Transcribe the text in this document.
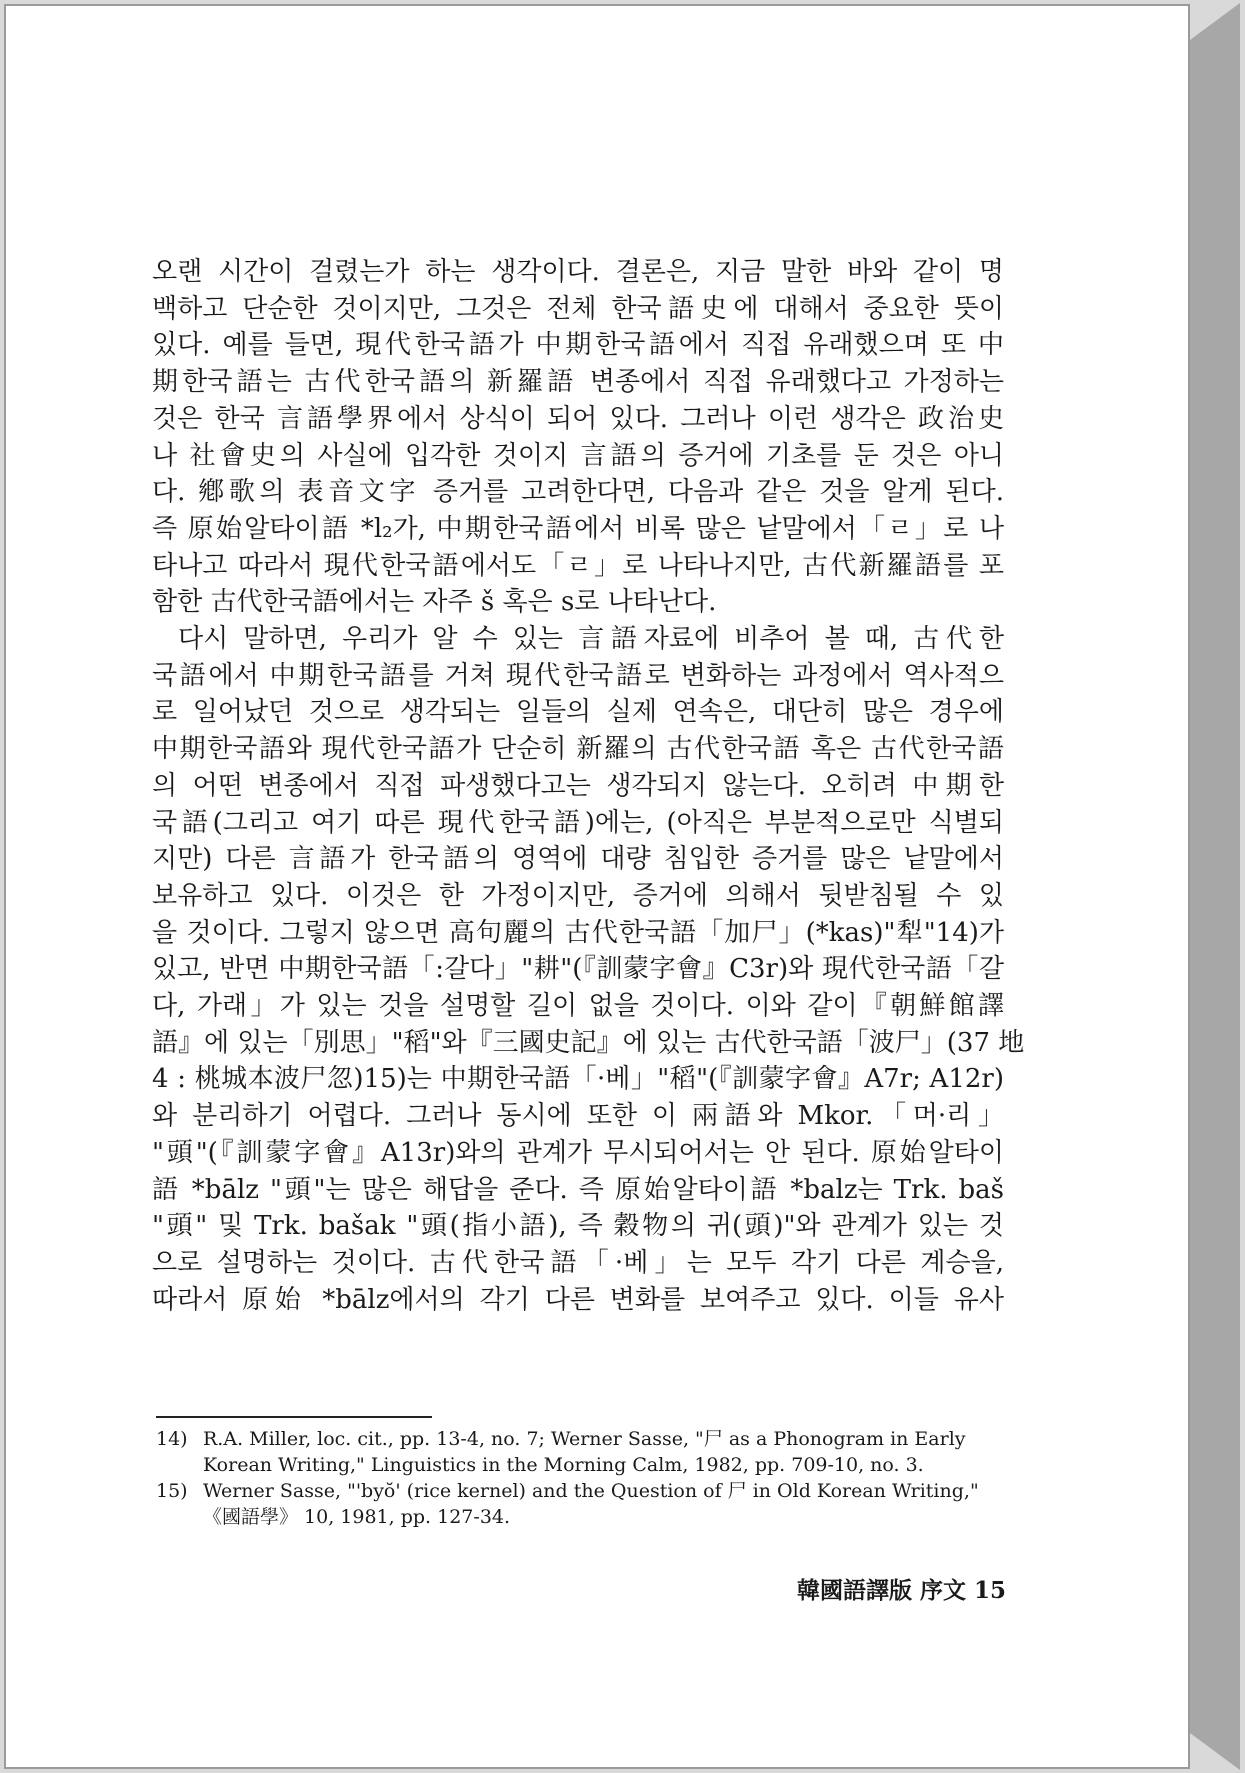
오랜 시간이 걸렸는가 하는 생각이다. 결론은, 지금 말한 바와 같이 명
백하고 단순한 것이지만, 그것은 전체 한국語史에 대해서 중요한 뜻이
있다. 예를 들면, 現代한국語가 中期한국語에서 직접 유래했으며 또 中
期한국語는 古代한국語의 新羅語 변종에서 직접 유래했다고 가정하는
것은 한국 言語學界에서 상식이 되어 있다. 그러나 이런 생각은 政治史
나 社會史의 사실에 입각한 것이지 言語의 증거에 기초를 둔 것은 아니
다. 鄕歌의 表音文字 증거를 고려한다면, 다음과 같은 것을 알게 된다.
즉 原始알타이語 *l₂가, 中期한국語에서 비록 많은 낱말에서「ㄹ」로 나
타나고 따라서 現代한국語에서도「ㄹ」로 나타나지만, 古代新羅語를 포
함한 古代한국語에서는 자주 š 혹은 s로 나타난다.
다시 말하면, 우리가 알 수 있는 言語자료에 비추어 볼 때, 古代한
국語에서 中期한국語를 거쳐 現代한국語로 변화하는 과정에서 역사적으
로 일어났던 것으로 생각되는 일들의 실제 연속은, 대단히 많은 경우에
中期한국語와 現代한국語가 단순히 新羅의 古代한국語 혹은 古代한국語
의 어떤 변종에서 직접 파생했다고는 생각되지 않는다. 오히려 中期한
국語(그리고 여기 따른 現代한국語)에는, (아직은 부분적으로만 식별되
지만) 다른 言語가 한국語의 영역에 대량 침입한 증거를 많은 낱말에서
보유하고 있다. 이것은 한 가정이지만, 증거에 의해서 뒷받침될 수 있
을 것이다. 그렇지 않으면 高句麗의 古代한국語「加尸」(*kas)"犁"14)가
있고, 반면 中期한국語「:갈다」"耕"(『訓蒙字會』C3r)와 現代한국語「갈
다, 가래」가 있는 것을 설명할 길이 없을 것이다. 이와 같이『朝鮮館譯
語』에 있는「別思」"稻"와『三國史記』에 있는 古代한국語「波尸」(37 地
4 : 桃城本波尸忽)15)는 中期한국語「·베」"稻"(『訓蒙字會』A7r; A12r)
와 분리하기 어렵다. 그러나 동시에 또한 이 兩語와 Mkor.「머·리」
"頭"(『訓蒙字會』A13r)와의 관계가 무시되어서는 안 된다. 原始알타이
語 *bālz "頭"는 많은 해답을 준다. 즉 原始알타이語 *balz는 Trk. baš
"頭" 및 Trk. bašak "頭(指小語), 즉 穀物의 귀(頭)"와 관계가 있는 것
으로 설명하는 것이다. 古代한국語「·베」는 모두 각기 다른 계승을,
따라서 原始 *bālz에서의 각기 다른 변화를 보여주고 있다. 이들 유사
14) R.A. Miller, loc. cit., pp. 13-4, no. 7; Werner Sasse, "尸 as a Phonogram in Early
Korean Writing," Linguistics in the Morning Calm, 1982, pp. 709-10, no. 3.
15) Werner Sasse, "'byŏ' (rice kernel) and the Question of 尸 in Old Korean Writing,"
《國語學》 10, 1981, pp. 127-34.
韓國語譯版 序文 15
